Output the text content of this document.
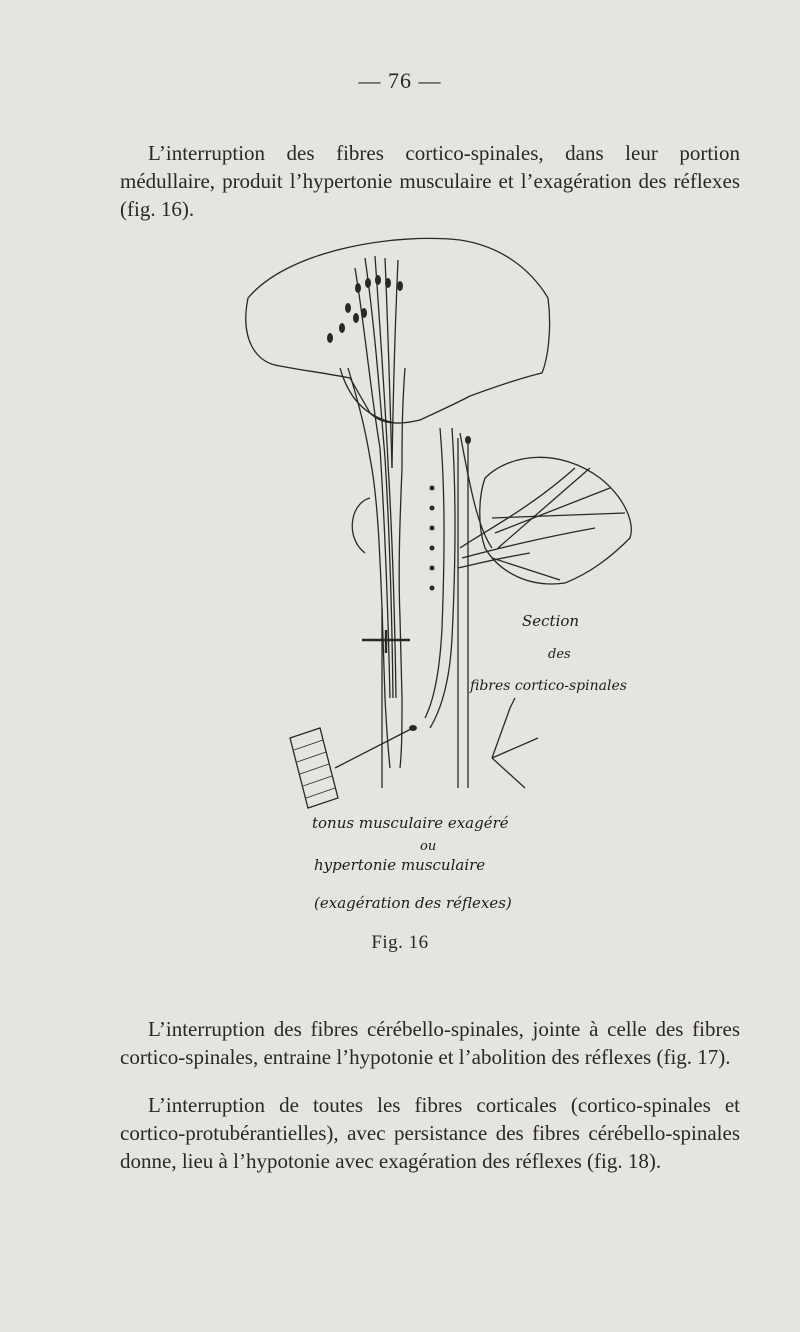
— 76 —

L’interruption des fibres cortico-spinales, dans leur portion médullaire, produit l’hypertonie musculaire et l’exagération des réflexes (fig. 16).

Section
des
fibres cortico-spinales
tonus musculaire exagéré
ou
hypertonie musculaire
(exagération des réflexes)
Fig. 16

L’interruption des fibres cérébello-spinales, jointe à celle des fibres cortico-spinales, entraine l’hypotonie et l’abolition des réflexes (fig. 17).

L’interruption de toutes les fibres corticales (cortico-spinales et cortico-protubérantielles), avec persistance des fibres cérébello-spinales donne, lieu à l’hypotonie avec exagération des réflexes (fig. 18).
